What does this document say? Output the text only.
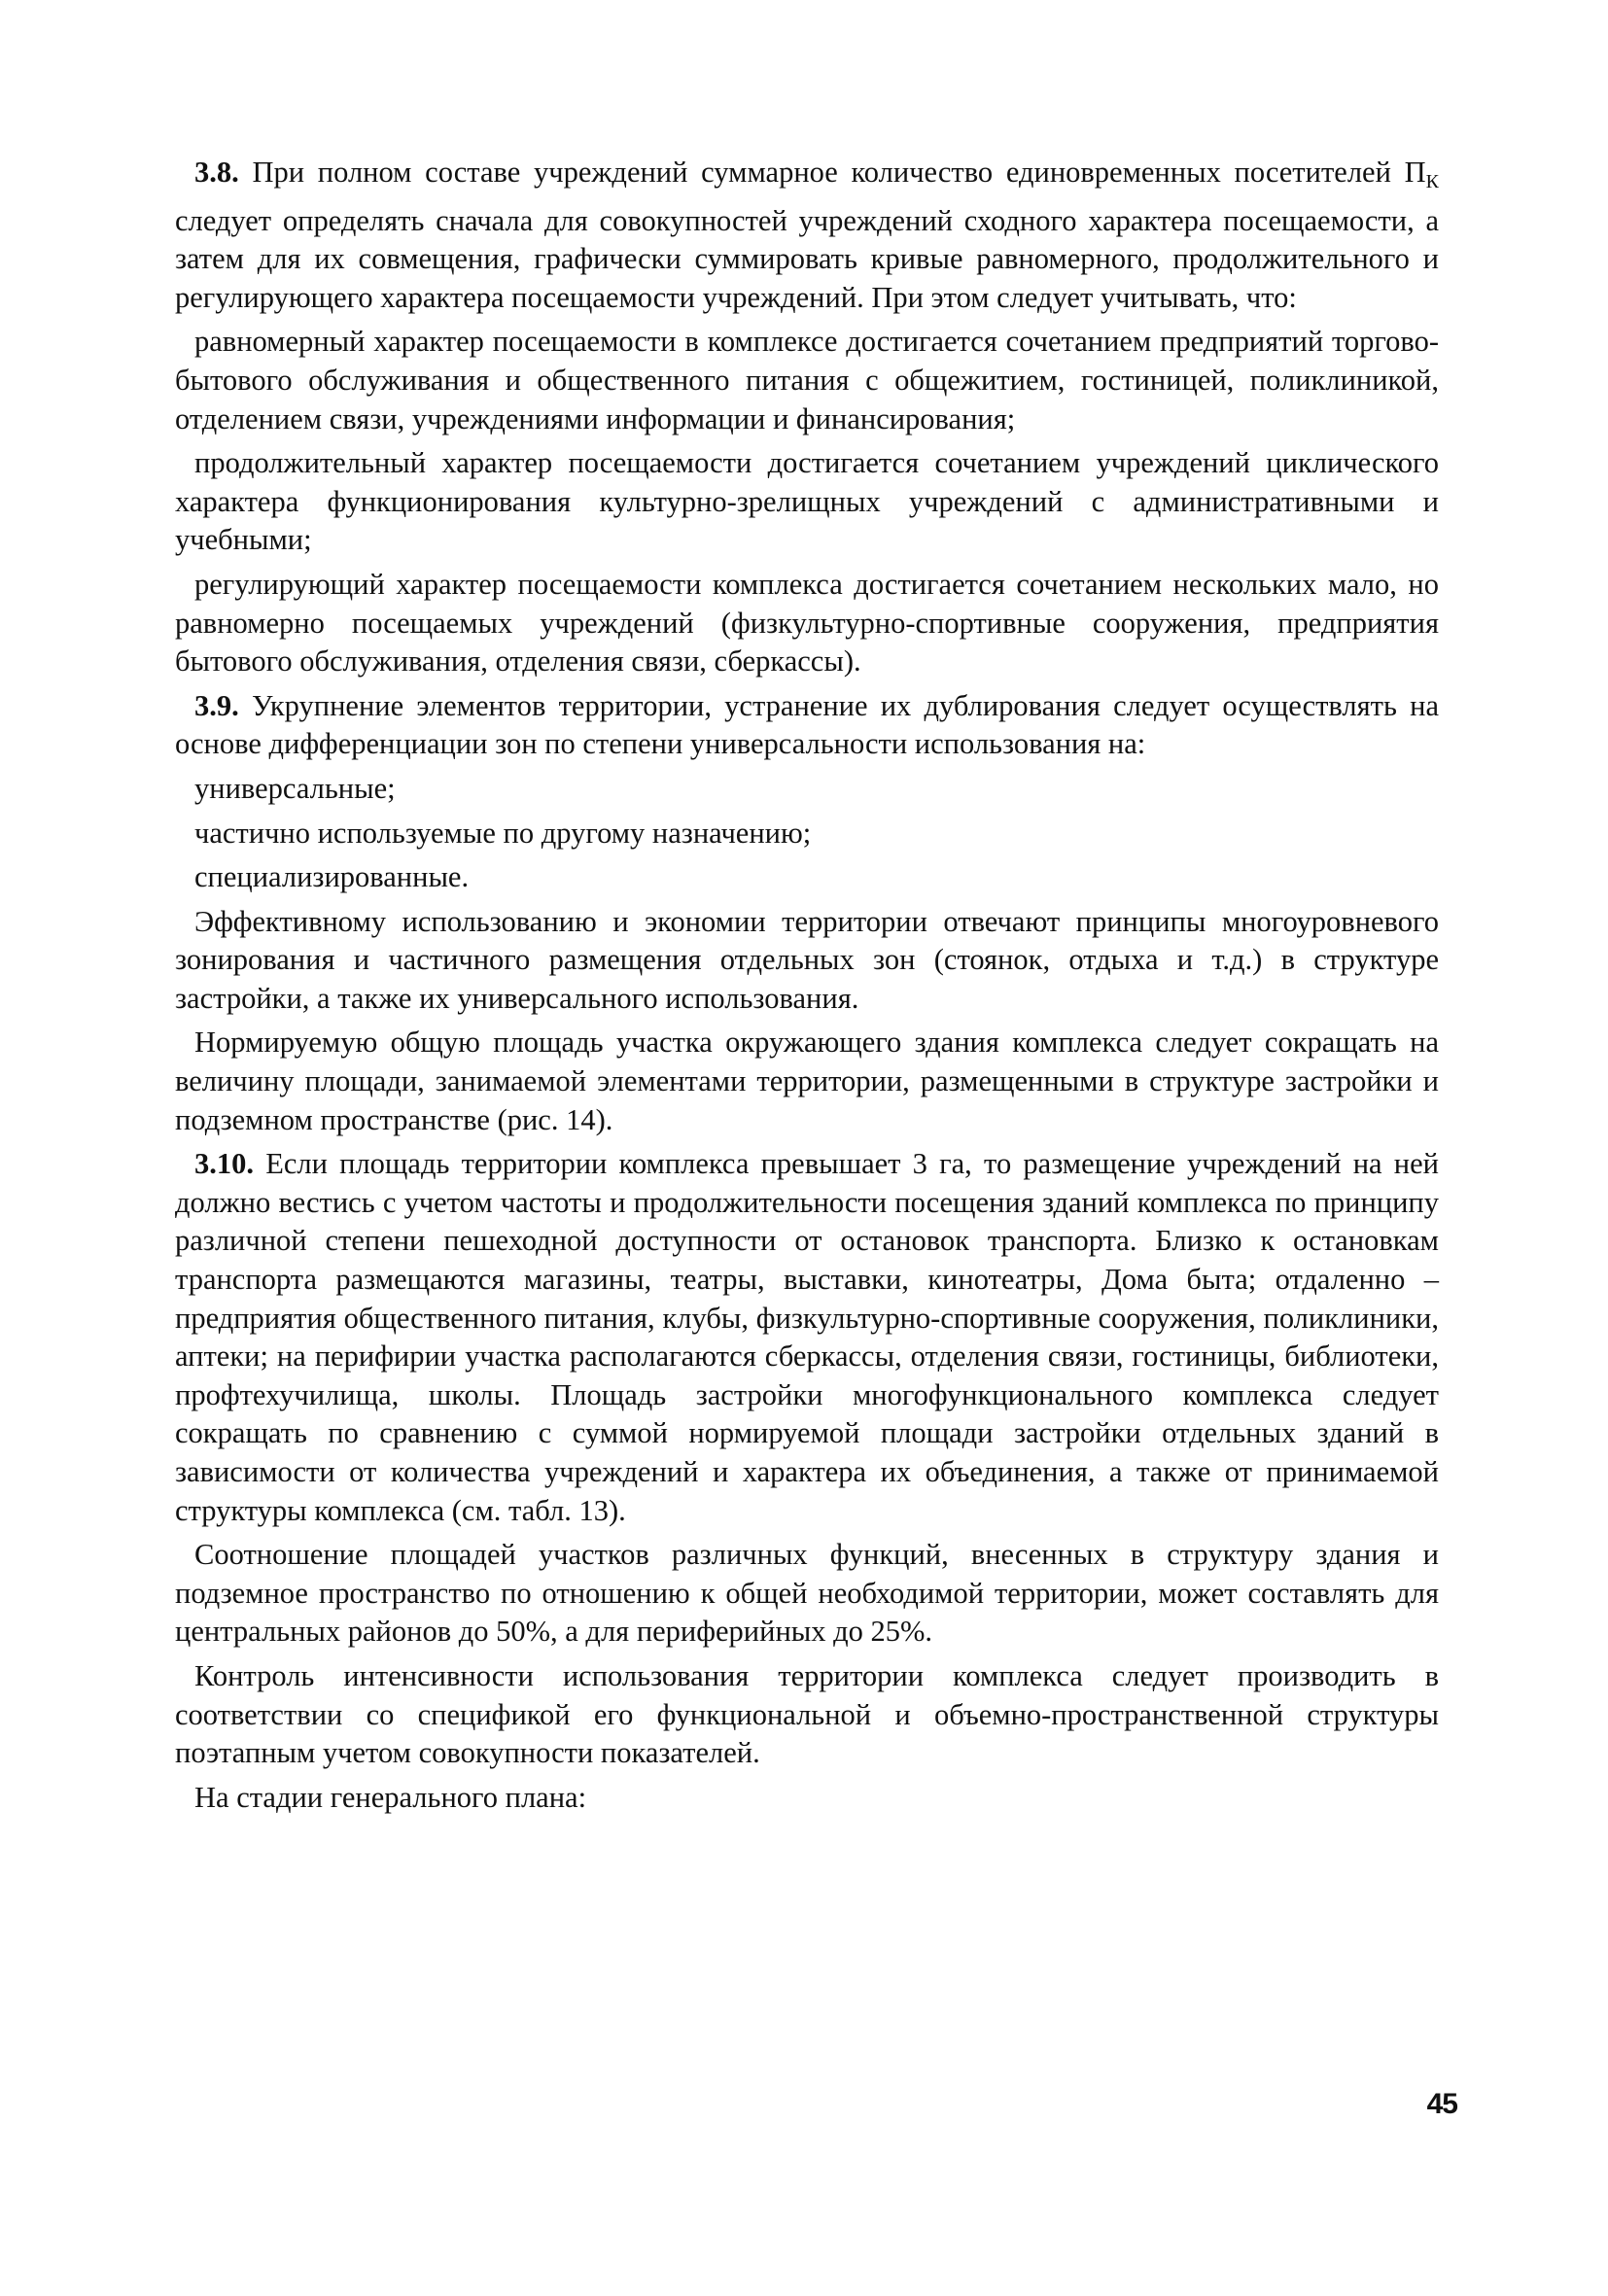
3.8. При полном составе учреждений суммарное количество единовременных посетителей $П_К$ следует определять сначала для совокупностей учреждений сходного характера посещаемости, а затем для их совмещения, графически суммировать кривые равномерного, продолжительного и регулирующего характера посещаемости учреждений. При этом следует учитывать, что:

равномерный характер посещаемости в комплексе достигается сочетанием предприятий торгово-бытового обслуживания и общественного питания с общежитием, гостиницей, поликлиникой, отделением связи, учреждениями информации и финансирования;

продолжительный характер посещаемости достигается сочетанием учреждений циклического характера функционирования культурно-зрелищных учреждений с административными и учебными;

регулирующий характер посещаемости комплекса достигается сочетанием нескольких мало, но равномерно посещаемых учреждений (физкультурно-спортивные сооружения, предприятия бытового обслуживания, отделения связи, сберкассы).

3.9. Укрупнение элементов территории, устранение их дублирования следует осуществлять на основе дифференциации зон по степени универсальности использования на:

универсальные;

частично используемые по другому назначению;

специализированные.

Эффективному использованию и экономии территории отвечают принципы многоуровневого зонирования и частичного размещения отдельных зон (стоянок, отдыха и т.д.) в структуре застройки, а также их универсального использования.

Нормируемую общую площадь участка окружающего здания комплекса следует сокращать на величину площади, занимаемой элементами территории, размещенными в структуре застройки и подземном пространстве (рис. 14).

3.10. Если площадь территории комплекса превышает 3 га, то размещение учреждений на ней должно вестись с учетом частоты и продолжительности посещения зданий комплекса по принципу различной степени пешеходной доступности от остановок транспорта. Близко к остановкам транспорта размещаются магазины, театры, выставки, кинотеатры, Дома быта; отдаленно – предприятия общественного питания, клубы, физкультурно-спортивные сооружения, поликлиники, аптеки; на перифирии участка располагаются сберкассы, отделения связи, гостиницы, библиотеки, профтехучилища, школы. Площадь застройки многофункционального комплекса следует сокращать по сравнению с суммой нормируемой площади застройки отдельных зданий в зависимости от количества учреждений и характера их объединения, а также от принимаемой структуры комплекса (см. табл. 13).

Соотношение площадей участков различных функций, внесенных в структуру здания и подземное пространство по отношению к общей необходимой территории, может составлять для центральных районов до 50%, а для периферийных до 25%.

Контроль интенсивности использования территории комплекса следует производить в соответствии со спецификой его функциональной и объемно-пространственной структуры поэтапным учетом совокупности показателей.

На стадии генерального плана:

45
